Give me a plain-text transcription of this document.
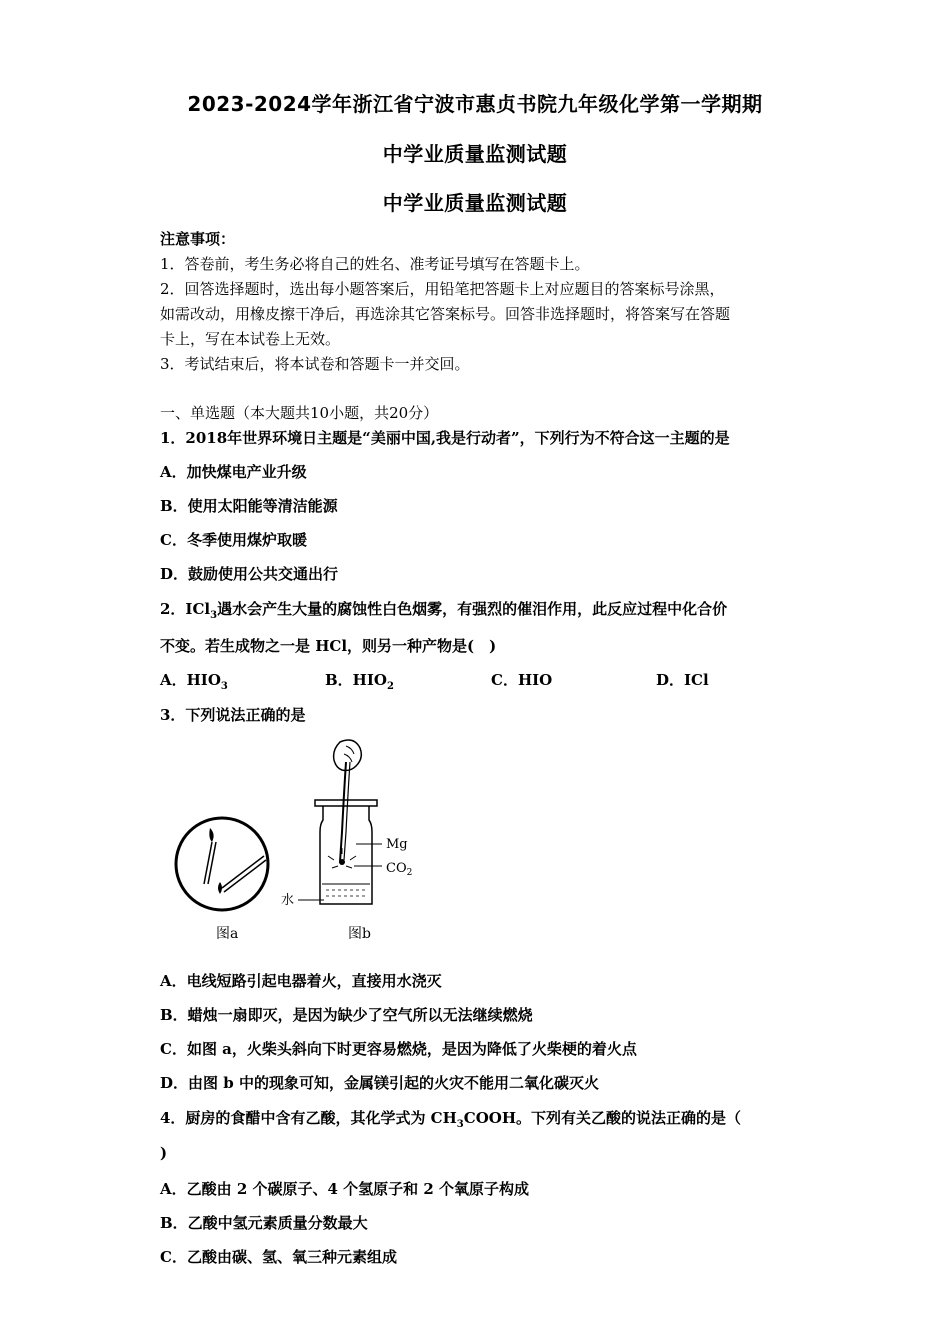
2023-2024学年浙江省宁波市惠贞书院九年级化学第一学期期
中学业质量监测试题
中学业质量监测试题
注意事项：
1．答卷前，考生务必将自己的姓名、准考证号填写在答题卡上。
2．回答选择题时，选出每小题答案后，用铅笔把答题卡上对应题目的答案标号涂黑，
如需改动，用橡皮擦干净后，再选涂其它答案标号。回答非选择题时，将答案写在答题
卡上，写在本试卷上无效。
3．考试结束后，将本试卷和答题卡一并交回。
一、单选题（本大题共10小题，共20分）
1．2018年世界环境日主题是“美丽中国,我是行动者”，下列行为不符合这一主题的是
A．加快煤电产业升级
B．使用太阳能等清洁能源
C．冬季使用煤炉取暖
D．鼓励使用公共交通出行
2．ICl$_3$遇水会产生大量的腐蚀性白色烟雾，有强烈的催泪作用，此反应过程中化合价
不变。若生成物之一是 HCl，则另一种产物是(　)
A．$HIO_3$	B．$HIO_2$	C．HIO	D．ICl
3．下列说法正确的是
图a
Mg
$CO_2$
水
图b
A．电线短路引起电器着火，直接用水浇灭
B．蜡烛一扇即灭，是因为缺少了空气所以无法继续燃烧
C．如图 a，火柴头斜向下时更容易燃烧，是因为降低了火柴梗的着火点
D．由图 b 中的现象可知，金属镁引起的火灾不能用二氧化碳灭火
4．厨房的食醋中含有乙酸，其化学式为 $CH_3COOH$。下列有关乙酸的说法正确的是（
)
A．乙酸由 2 个碳原子、4 个氢原子和 2 个氧原子构成
B．乙酸中氢元素质量分数最大
C．乙酸由碳、氢、氧三种元素组成
